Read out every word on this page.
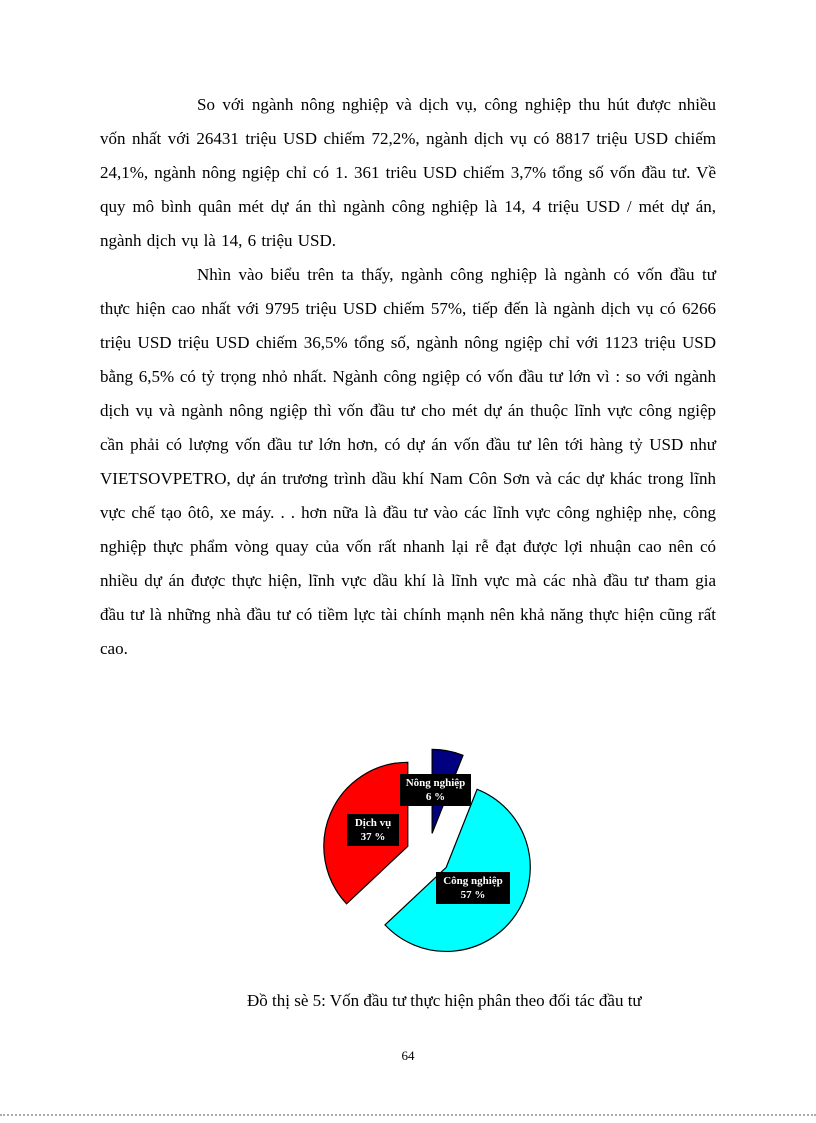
So với ngành nông nghiệp và dịch vụ, công nghiệp thu hút được nhiều vốn nhất với 26431 triệu USD chiếm 72,2%, ngành dịch vụ có 8817 triệu USD chiếm 24,1%, ngành nông ngiệp chỉ có 1. 361 triêu USD chiếm 3,7% tổng số vốn đầu tư. Về quy mô bình quân mét dự án thì ngành công nghiệp là 14, 4 triệu USD / mét dự án, ngành dịch vụ là 14, 6 triệu USD.

Nhìn vào biểu trên ta thấy, ngành công nghiệp là ngành có vốn đầu tư thực hiện cao nhất với 9795 triệu USD chiếm 57%, tiếp đến là ngành dịch vụ có 6266 triệu USD triệu USD chiếm 36,5% tổng số, ngành nông ngiệp chỉ với 1123 triệu USD bằng 6,5% có tỷ trọng nhỏ nhất. Ngành công ngiệp có vốn đầu tư lớn vì : so với ngành dịch vụ và ngành nông ngiệp thì vốn đầu tư cho mét dự án thuộc lĩnh vực công ngiệp cần phải có lượng vốn đầu tư lớn hơn, có dự án vốn đầu tư lên tới hàng tỷ USD như VIETSOVPETRO, dự án trương trình dầu khí Nam Côn Sơn và các dự khác trong lĩnh vực chế tạo ôtô, xe máy. . . hơn nữa là đầu tư vào các lĩnh vực công nghiệp nhẹ, công nghiệp thực phẩm vòng quay của vốn rất nhanh lại rễ đạt được lợi nhuận cao nên có nhiều dự án được thực hiện, lĩnh vực dầu khí là lĩnh vực mà các nhà đầu tư tham gia đầu tư là những nhà đầu tư có tiềm lực tài chính mạnh nên khả năng thực hiện cũng rất cao.

Nông nghiệp
6 %
Dịch vụ
37 %
Công nghiệp
57 %
Đồ thị sè 5: Vốn đầu tư thực hiện phân theo đối tác đầu tư
64
